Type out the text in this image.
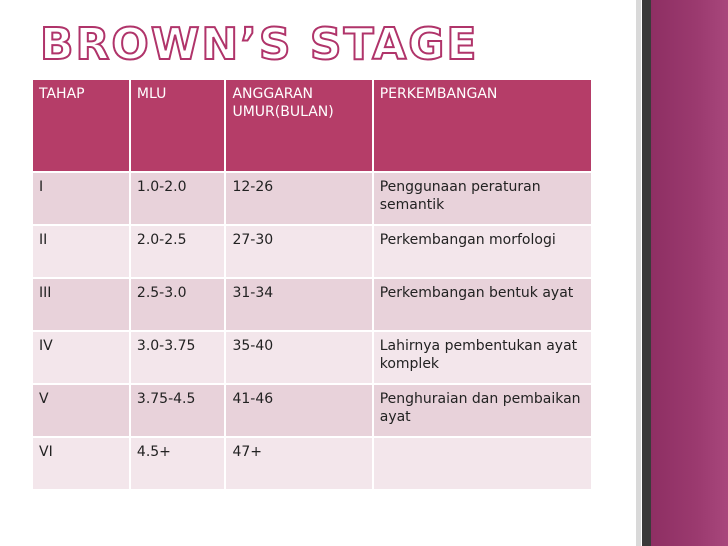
BROWN’S STAGE
TAHAP	MLU	ANGGARAN UMUR(BULAN)	PERKEMBANGAN
I	1.0-2.0	12-26	Penggunaan peraturan semantik
II	2.0-2.5	27-30	Perkembangan morfologi
III	2.5-3.0	31-34	Perkembangan bentuk ayat
IV	3.0-3.75	35-40	Lahirnya pembentukan ayat komplek
V	3.75-4.5	41-46	Penghuraian dan pembaikan ayat
VI	4.5+	47+	
